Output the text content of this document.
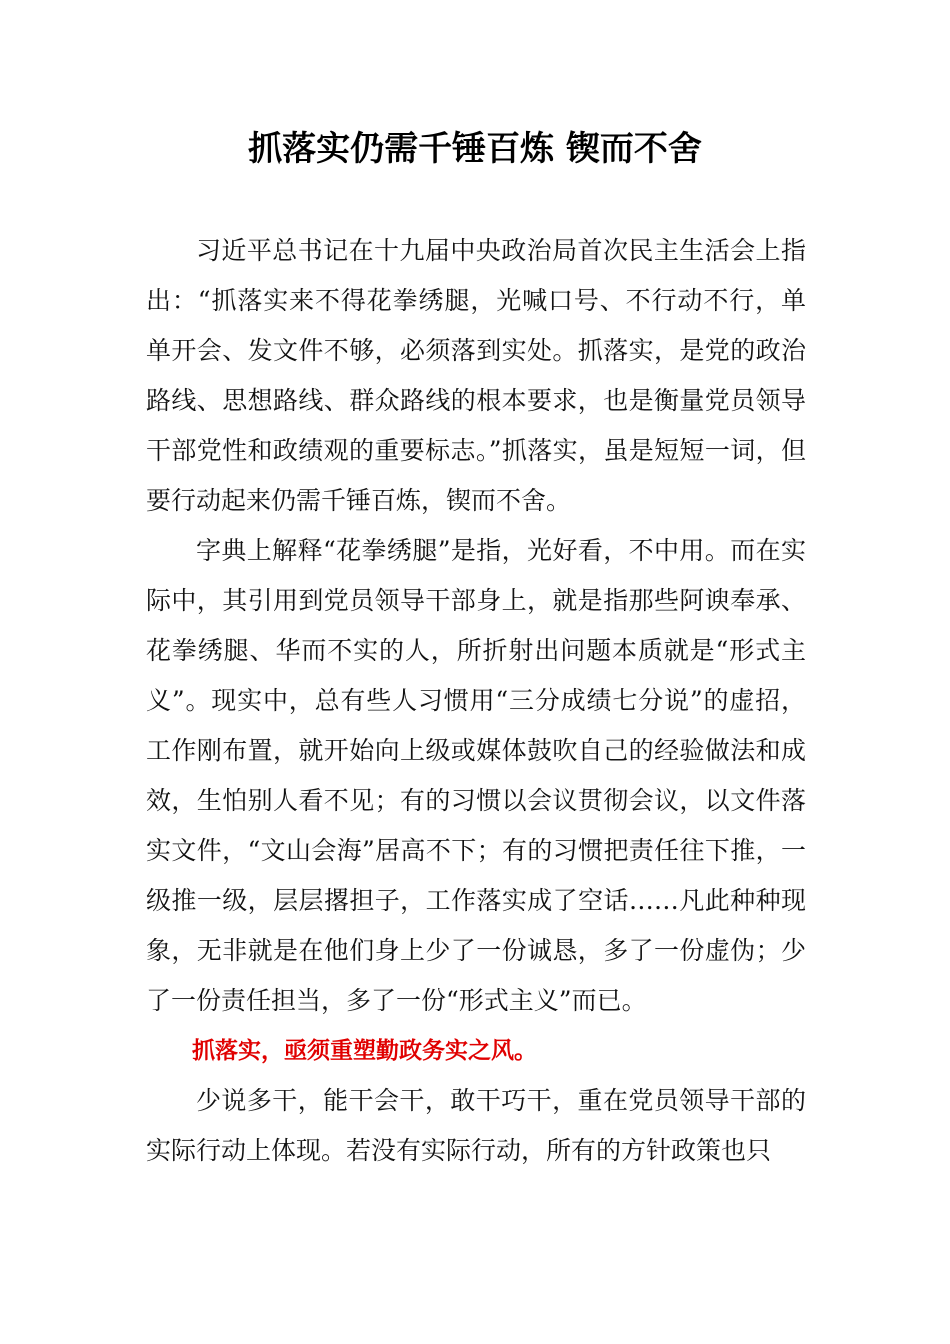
抓落实仍需千锤百炼 锲而不舍

习近平总书记在十九届中央政治局首次民主生活会上指出：“抓落实来不得花拳绣腿，光喊口号、不行动不行，单单开会、发文件不够，必须落到实处。抓落实，是党的政治路线、思想路线、群众路线的根本要求，也是衡量党员领导干部党性和政绩观的重要标志。”抓落实，虽是短短一词，但要行动起来仍需千锤百炼，锲而不舍。

字典上解释“花拳绣腿”是指，光好看，不中用。而在实际中，其引用到党员领导干部身上，就是指那些阿谀奉承、花拳绣腿、华而不实的人，所折射出问题本质就是“形式主义”。现实中，总有些人习惯用“三分成绩七分说”的虚招，工作刚布置，就开始向上级或媒体鼓吹自己的经验做法和成效，生怕别人看不见；有的习惯以会议贯彻会议，以文件落实文件，“文山会海”居高不下；有的习惯把责任往下推，一级推一级，层层撂担子，工作落实成了空话……凡此种种现象，无非就是在他们身上少了一份诚恳，多了一份虚伪；少了一份责任担当，多了一份“形式主义”而已。

抓落实，亟须重塑勤政务实之风。

少说多干，能干会干，敢干巧干，重在党员领导干部的实际行动上体现。若没有实际行动，所有的方针政策也只
